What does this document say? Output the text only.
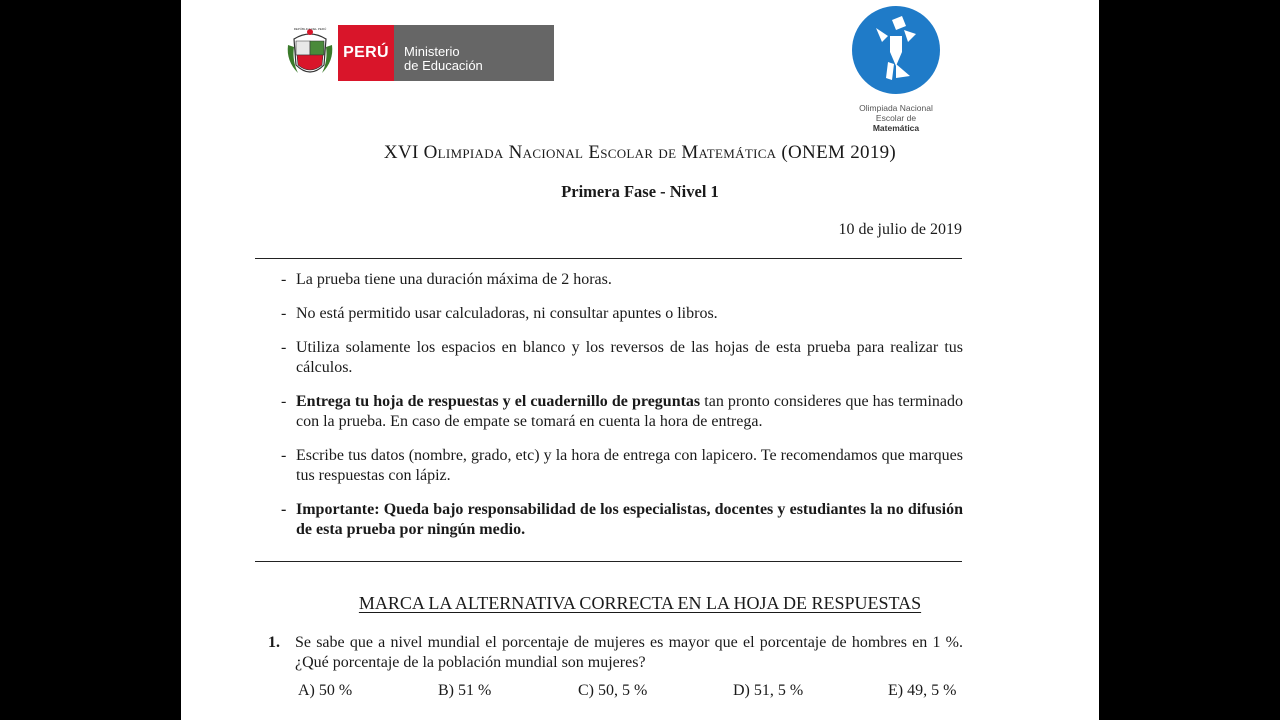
REPÚBLICA DEL PERÚ
PERÚ	Ministerio
de Educación
Olimpiada Nacional
Escolar de
Matemática
XVI Olimpiada Nacional Escolar de Matemática (ONEM 2019)
Primera Fase - Nivel 1
10 de julio de 2019
- La prueba tiene una duración máxima de 2 horas.
- No está permitido usar calculadoras, ni consultar apuntes o libros.
- Utiliza solamente los espacios en blanco y los reversos de las hojas de esta prueba para realizar tus cálculos.
- Entrega tu hoja de respuestas y el cuadernillo de preguntas tan pronto consideres que has terminado con la prueba. En caso de empate se tomará en cuenta la hora de entrega.
- Escribe tus datos (nombre, grado, etc) y la hora de entrega con lapicero. Te recomendamos que marques tus respuestas con lápiz.
- Importante: Queda bajo responsabilidad de los especialistas, docentes y estudiantes la no difusión de esta prueba por ningún medio.
MARCA LA ALTERNATIVA CORRECTA EN LA HOJA DE RESPUESTAS
1. Se sabe que a nivel mundial el porcentaje de mujeres es mayor que el porcentaje de hombres en 1 %. ¿Qué porcentaje de la población mundial son mujeres?
A) 50 %	B) 51 %	C) 50, 5 %	D) 51, 5 %	E) 49, 5 %
